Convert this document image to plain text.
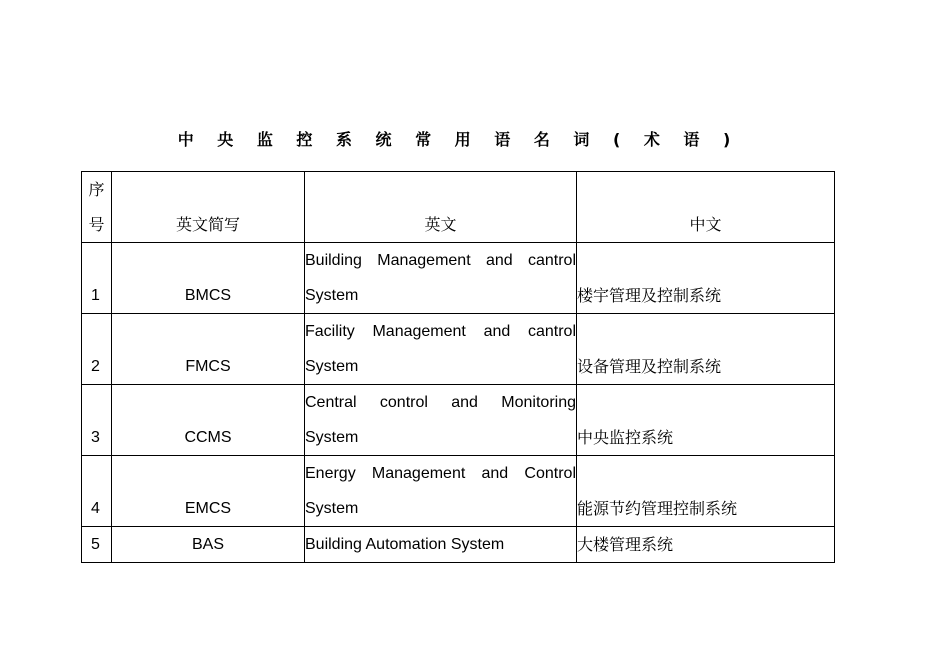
中 央 监 控 系 统 常 用 语 名 词 ( 术 语 )
序
号	英文简写	英文	中文
1	BMCS	Building Management and cantrol System	楼宇管理及控制系统
2	FMCS	Facility Management and cantrol System	设备管理及控制系统
3	CCMS	Central control and Monitoring System	中央监控系统
4	EMCS	Energy Management and Control System	能源节约管理控制系统
5	BAS	Building Automation System	大楼管理系统
